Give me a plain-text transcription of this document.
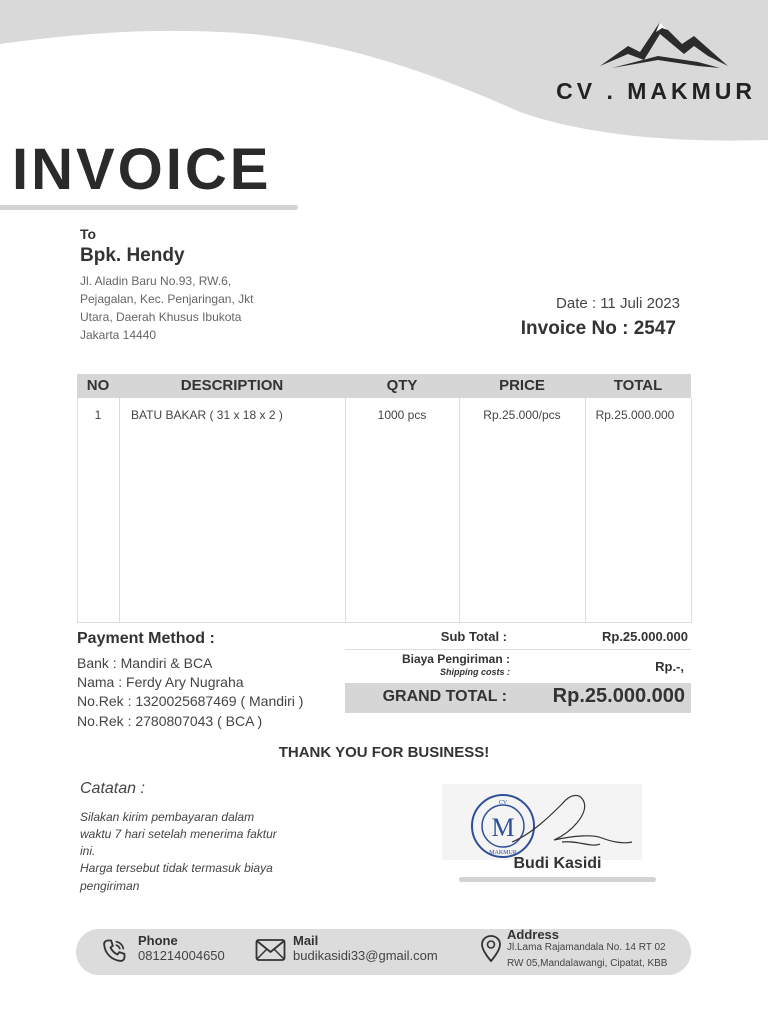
CV . MAKMUR
INVOICE
To
Bpk. Hendy
Jl. Aladin Baru No.93, RW.6,
Pejagalan, Kec. Penjaringan, Jkt
Utara, Daerah Khusus Ibukota
Jakarta 14440
Date : 11 Juli 2023
Invoice No : 2547
NO	DESCRIPTION	QTY	PRICE	TOTAL
1	BATU BAKAR ( 31 x 18 x 2 )	1000 pcs	Rp.25.000/pcs	Rp.25.000.000
Payment Method :
Bank : Mandiri & BCA
Nama : Ferdy Ary Nugraha
No.Rek : 1320025687469 ( Mandiri )
No.Rek : 2780807043 ( BCA )
Sub Total :	Rp.25.000.000
Biaya Pengiriman :
Shipping costs :	Rp.-,
GRAND TOTAL : Rp.25.000.000
THANK YOU FOR BUSINESS!
Catatan :
Silakan kirim pembayaran dalam
waktu 7 hari setelah menerima faktur
ini.
Harga tersebut tidak termasuk biaya
pengiriman
M
CV
MAKMUR
Budi Kasidi
Phone
081214004650
Mail
budikasidi33@gmail.com
Address
Jl.Lama Rajamandala No. 14 RT 02
RW 05,Mandalawangi, Cipatat, KBB
